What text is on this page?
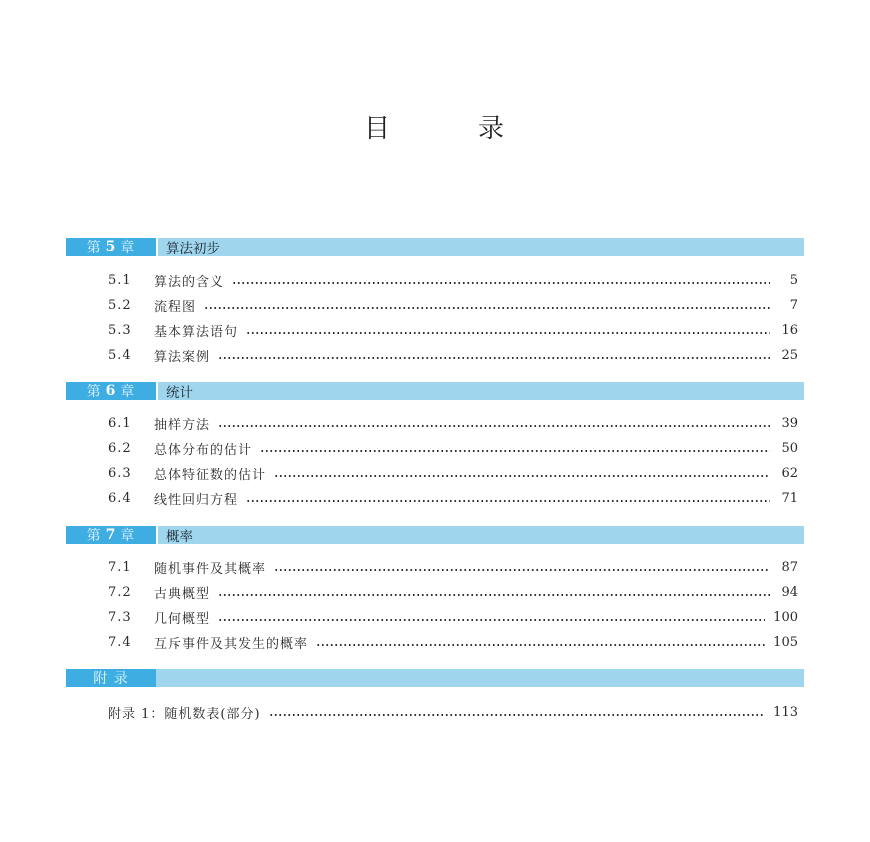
目	录
第 5 章	算法初步
5.1	算法的含义	5
5.2	流程图	7
5.3	基本算法语句	16
5.4	算法案例	25
第 6 章	统计
6.1	抽样方法	39
6.2	总体分布的估计	50
6.3	总体特征数的估计	62
6.4	线性回归方程	71
第 7 章	概率
7.1	随机事件及其概率	87
7.2	古典概型	94
7.3	几何概型	100
7.4	互斥事件及其发生的概率	105
附 录
附录 1：随机数表(部分)	113
